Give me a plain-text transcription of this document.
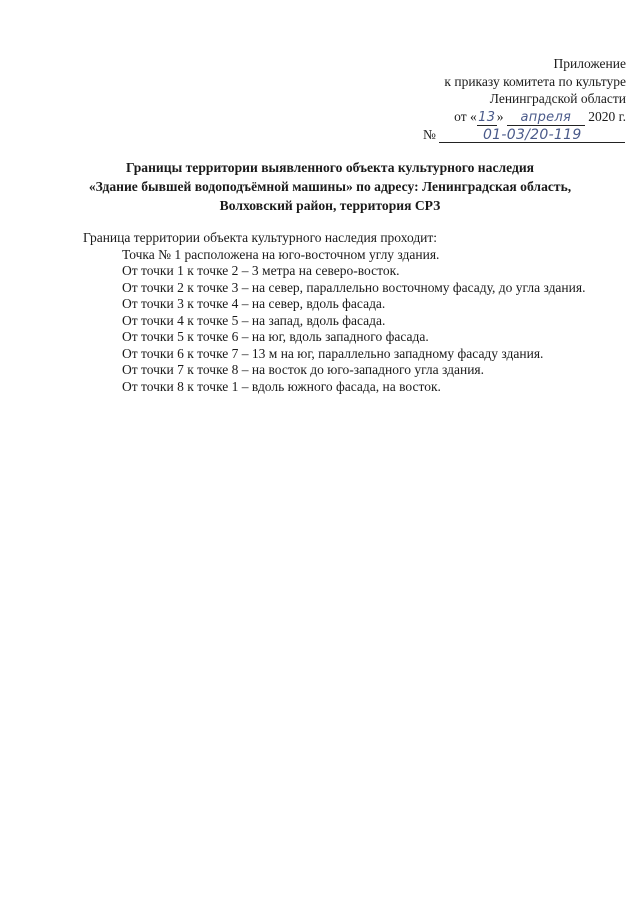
Приложение
к приказу комитета по культуре
Ленинградской области
от «13» апреля 2020 г.
№	01-03/20-119
Границы территории выявленного объекта культурного наследия
«Здание бывшей водоподъёмной машины» по адресу: Ленинградская область,
Волховский район, территория СРЗ
Граница территории объекта культурного наследия проходит:
Точка № 1 расположена на юго-восточном углу здания.
От точки 1 к точке 2 – 3 метра на северо-восток.
От точки 2 к точке 3 – на север, параллельно восточному фасаду, до угла здания.
От точки 3 к точке 4 – на север, вдоль фасада.
От точки 4 к точке 5 – на запад, вдоль фасада.
От точки 5 к точке 6 – на юг, вдоль западного фасада.
От точки 6 к точке 7 – 13 м на юг, параллельно западному фасаду здания.
От точки 7 к точке 8 – на восток до юго-западного угла здания.
От точки 8 к точке 1 – вдоль южного фасада, на восток.
